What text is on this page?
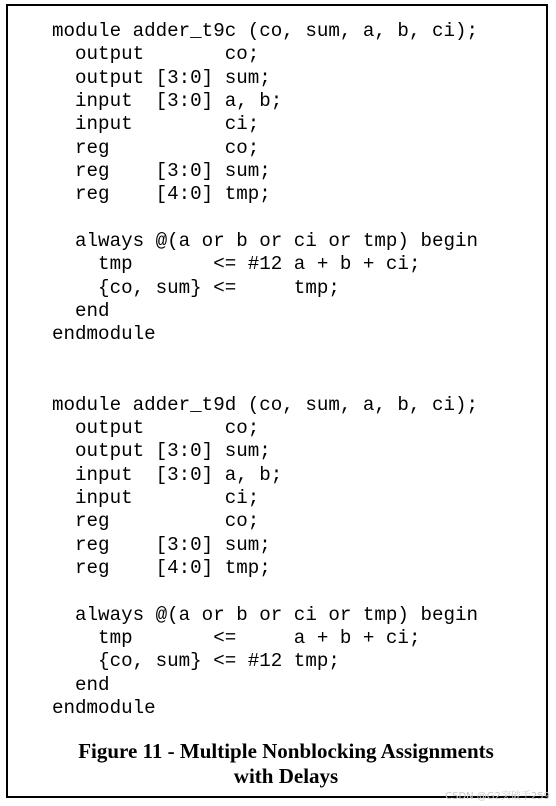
module adder_t9c (co, sum, a, b, ci);
output       co;
output [3:0] sum;
input  [3:0] a, b;
input        ci;
reg          co;
reg    [3:0] sum;
reg    [4:0] tmp;
always @(a or b or ci or tmp) begin
tmp       <= #12 a + b + ci;
{co, sum} <=     tmp;
end
endmodule
module adder_t9d (co, sum, a, b, ci);
output       co;
output [3:0] sum;
input  [3:0] a, b;
input        ci;
reg          co;
reg    [3:0] sum;
reg    [4:0] tmp;
always @(a or b or ci or tmp) begin
tmp       <=     a + b + ci;
{co, sum} <= #12 tmp;
end
endmodule
Figure 11 - Multiple Nonblocking Assignments
with Delays
CSDN @G2突破手259
